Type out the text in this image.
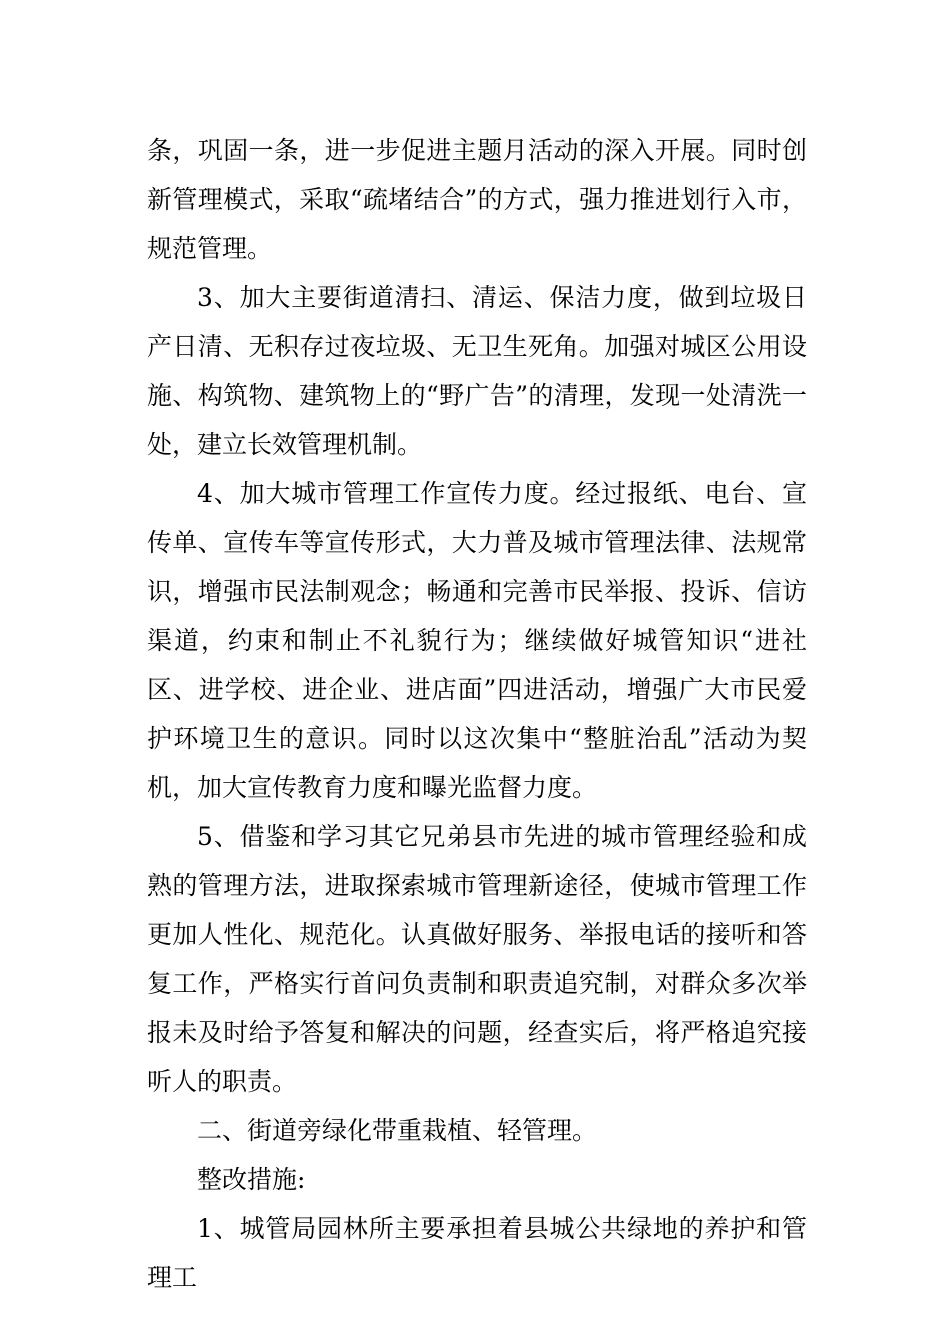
条，巩固一条，进一步促进主题月活动的深入开展。同时创新管理模式，采取“疏堵结合”的方式，强力推进划行入市，规范管理。

3、加大主要街道清扫、清运、保洁力度，做到垃圾日产日清、无积存过夜垃圾、无卫生死角。加强对城区公用设施、构筑物、建筑物上的“野广告”的清理，发现一处清洗一处，建立长效管理机制。

4、加大城市管理工作宣传力度。经过报纸、电台、宣传单、宣传车等宣传形式，大力普及城市管理法律、法规常识，增强市民法制观念；畅通和完善市民举报、投诉、信访渠道，约束和制止不礼貌行为；继续做好城管知识“进社区、进学校、进企业、进店面”四进活动，增强广大市民爱护环境卫生的意识。同时以这次集中“整脏治乱”活动为契机，加大宣传教育力度和曝光监督力度。

5、借鉴和学习其它兄弟县市先进的城市管理经验和成熟的管理方法，进取探索城市管理新途径，使城市管理工作更加人性化、规范化。认真做好服务、举报电话的接听和答复工作，严格实行首问负责制和职责追究制，对群众多次举报未及时给予答复和解决的问题，经查实后，将严格追究接听人的职责。

二、街道旁绿化带重栽植、轻管理。

整改措施:

1、城管局园林所主要承担着县城公共绿地的养护和管理工
